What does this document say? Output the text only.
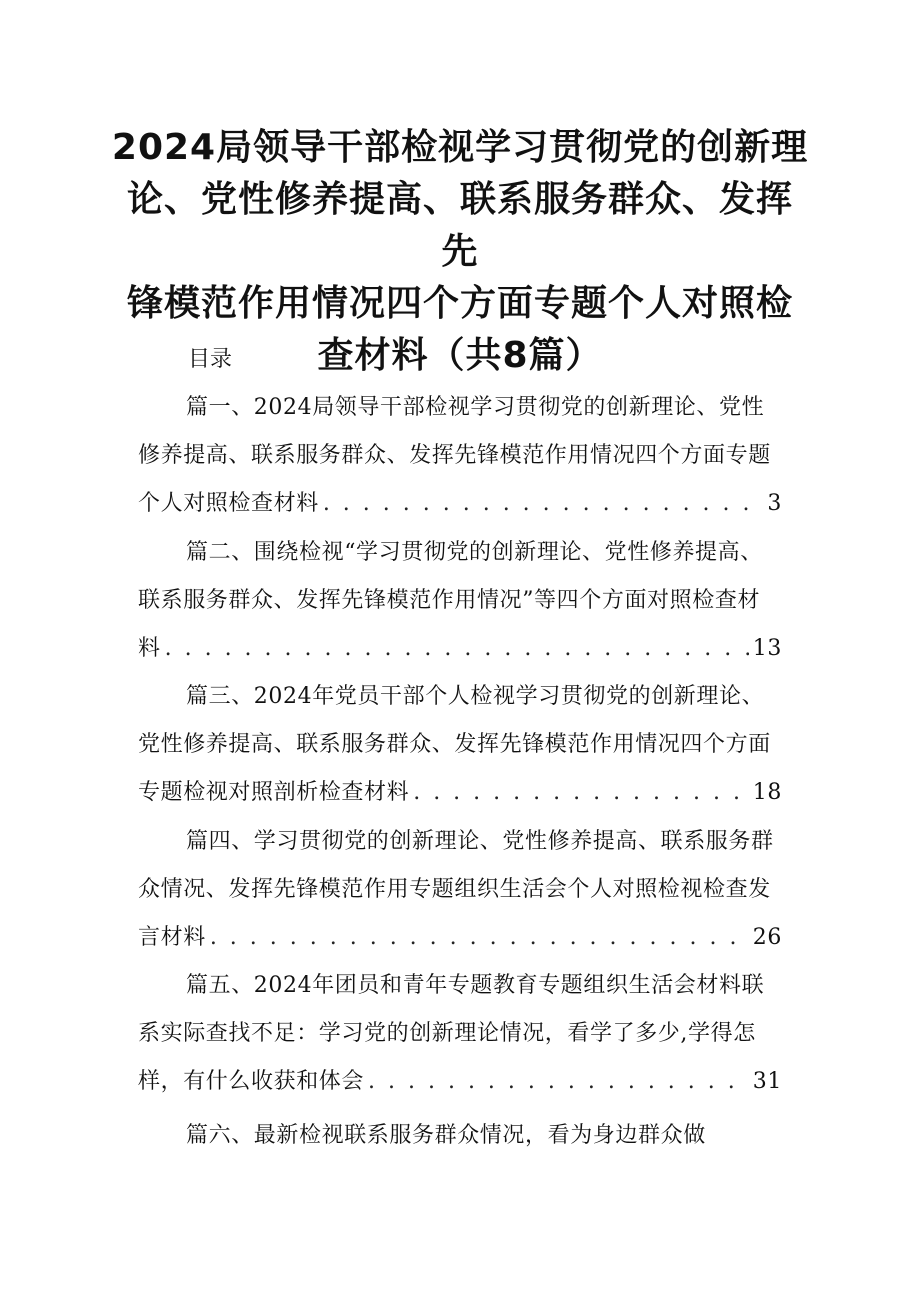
2024局领导干部检视学习贯彻党的创新理
论、党性修养提高、联系服务群众、发挥先
锋模范作用情况四个方面专题个人对照检
查材料（共8篇）
目录
篇一、2024局领导干部检视学习贯彻党的创新理论、党性
修养提高、联系服务群众、发挥先锋模范作用情况四个方面专题
个人对照检查材料 . . .	3
篇二、围绕检视“学习贯彻党的创新理论、党性修养提高、
联系服务群众、发挥先锋模范作用情况”等四个方面对照检查材
料 . . .	13
篇三、2024年党员干部个人检视学习贯彻党的创新理论、
党性修养提高、联系服务群众、发挥先锋模范作用情况四个方面
专题检视对照剖析检查材料 . . .	18
篇四、学习贯彻党的创新理论、党性修养提高、联系服务群
众情况、发挥先锋模范作用专题组织生活会个人对照检视检查发
言材料 . . .	26
篇五、2024年团员和青年专题教育专题组织生活会材料联
系实际查找不足：学习党的创新理论情况，看学了多少,学得怎
样，有什么收获和体会 . . .	31
篇六、最新检视联系服务群众情况，看为身边群众做
